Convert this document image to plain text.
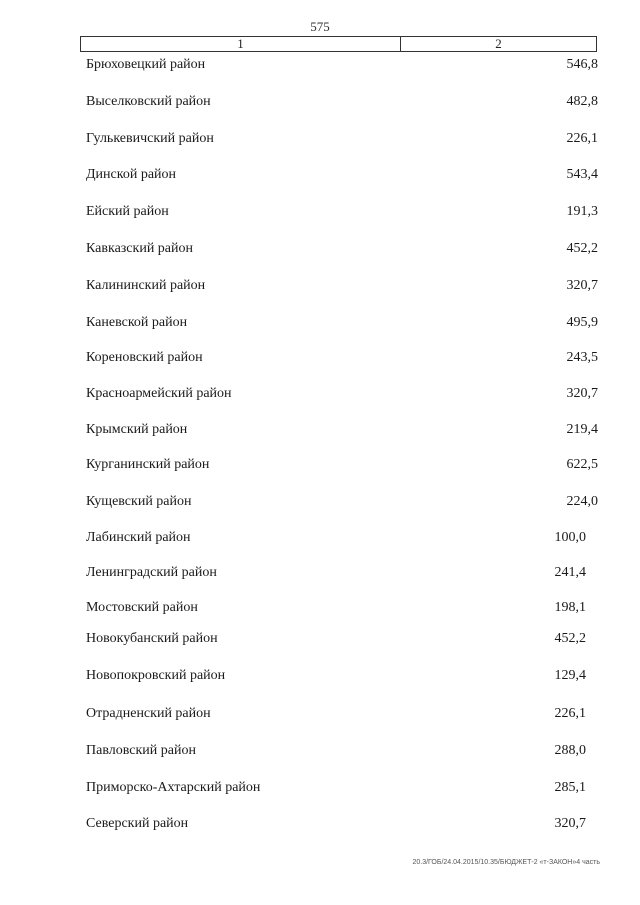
575
1	2
Брюховецкий район	546,8
Выселковский район	482,8
Гулькевичский район	226,1
Динской район	543,4
Ейский район	191,3
Кавказский район	452,2
Калининский район	320,7
Каневской район	495,9
Кореновский район	243,5
Красноармейский район	320,7
Крымский район	219,4
Курганинский район	622,5
Кущевский район	224,0
Лабинский район	100,0
Ленинградский район	241,4
Мостовский район	198,1
Новокубанский район	452,2
Новопокровский район	129,4
Отрадненский район	226,1
Павловский район	288,0
Приморско-Ахтарский район	285,1
Северский район	320,7
20.3/ГОБ/24.04.2015/10.35/БЮДЖЕТ-2 «т-ЗАКОН»4 часть
